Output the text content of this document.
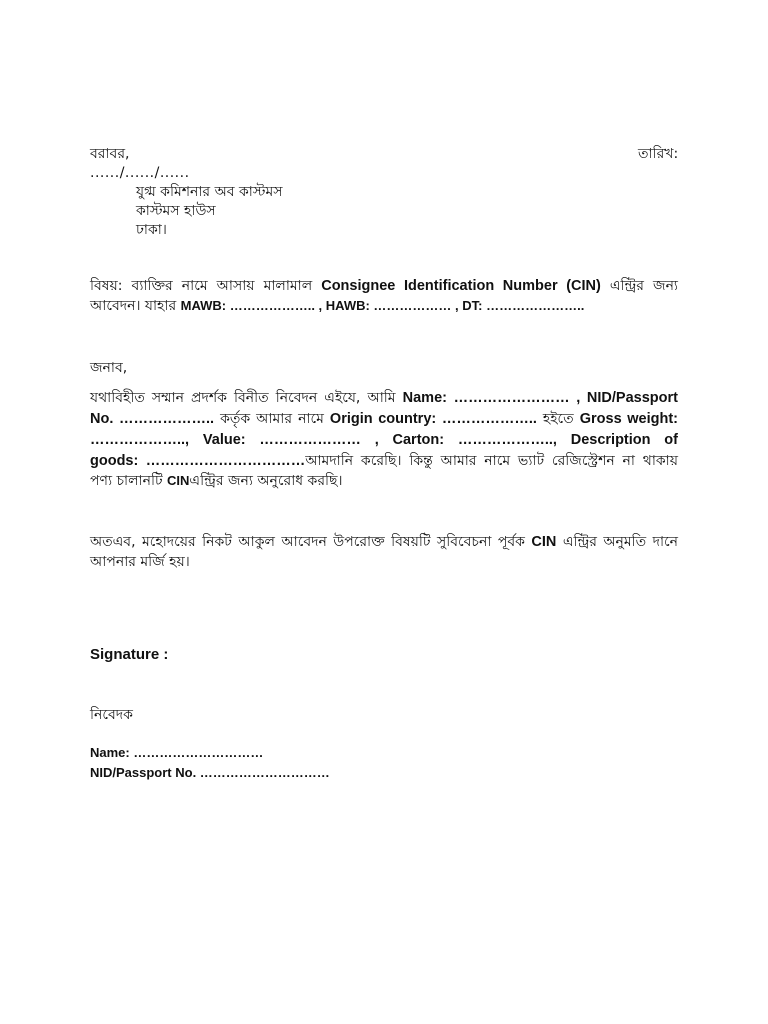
বরাবর,	তারিখ:
....../....../......
যুগ্ম কমিশনার অব কাস্টমস
কাস্টমস হাউস
ঢাকা।
বিষয়: ব্যাক্তির নামে আসায় মালামাল Consignee Identification Number (CIN) এন্ট্রির জন্য
আবেদন। যাহার MAWB: ……………….. , HAWB: ……………… , DT: …………………..
জনাব,
যথাবিহীত সম্মান প্রদর্শক বিনীত নিবেদন এইযে, আমি Name: …………………… , NID/Passport
No. ……………….. কর্তৃক আমার নামে Origin country: ……………….. হইতে Gross weight:
……………….., Value: ………………… , Carton: ……………….., Description of
goods: ……………………………আমদানি করেছি। কিন্তু আমার নামে ভ্যাট রেজিস্ট্রেশন না থাকায়
পণ্য চালানটি CINএন্ট্রির জন্য অনুরোধ করছি।
অতএব, মহোদয়ের নিকট আকুল আবেদন উপরোক্ত বিষয়টি সুবিবেচনা পূর্বক CIN এন্ট্রির অনুমতি দানে
আপনার মর্জি হয়।
Signature :
নিবেদক
Name: …………………………
NID/Passport No. …………………………
